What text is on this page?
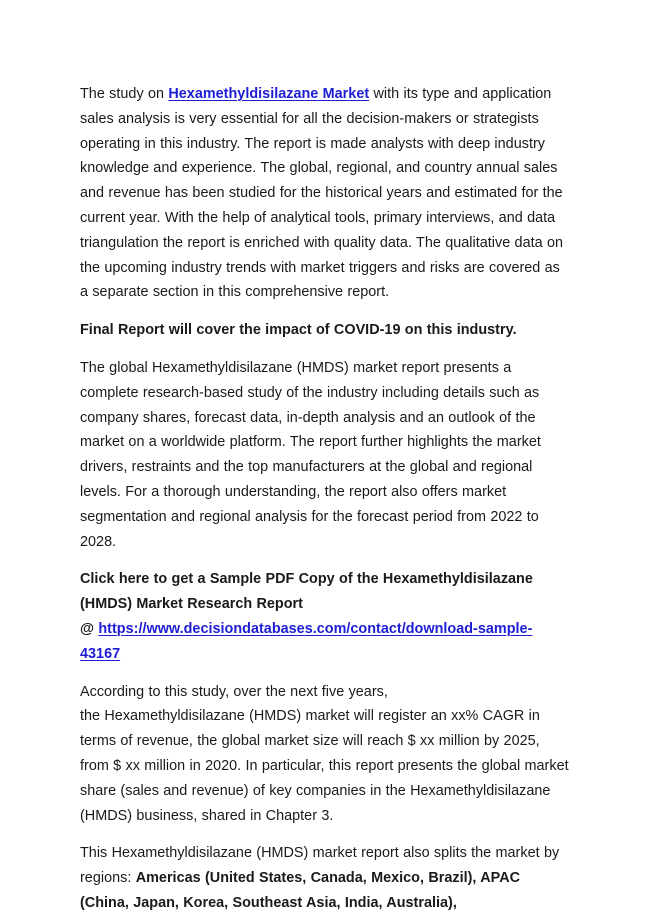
The study on Hexamethyldisilazane Market with its type and application sales analysis is very essential for all the decision-makers or strategists operating in this industry. The report is made analysts with deep industry knowledge and experience. The global, regional, and country annual sales and revenue has been studied for the historical years and estimated for the current year. With the help of analytical tools, primary interviews, and data triangulation the report is enriched with quality data. The qualitative data on the upcoming industry trends with market triggers and risks are covered as a separate section in this comprehensive report.

Final Report will cover the impact of COVID-19 on this industry.

The global Hexamethyldisilazane (HMDS) market report presents a complete research-based study of the industry including details such as company shares, forecast data, in-depth analysis and an outlook of the market on a worldwide platform. The report further highlights the market drivers, restraints and the top manufacturers at the global and regional levels. For a thorough understanding, the report also offers market segmentation and regional analysis for the forecast period from 2022 to 2028.

Click here to get a Sample PDF Copy of the Hexamethyldisilazane
(HMDS) Market Research Report
@ https://www.decisiondatabases.com/contact/download-sample-43167

According to this study, over the next five years,
the Hexamethyldisilazane (HMDS) market will register an xx% CAGR in terms of revenue, the global market size will reach $ xx million by 2025, from $ xx million in 2020. In particular, this report presents the global market share (sales and revenue) of key companies in the Hexamethyldisilazane (HMDS) business, shared in Chapter 3.

This Hexamethyldisilazane (HMDS) market report also splits the market by regions: Americas (United States, Canada, Mexico, Brazil), APAC (China, Japan, Korea, Southeast Asia, India, Australia),
